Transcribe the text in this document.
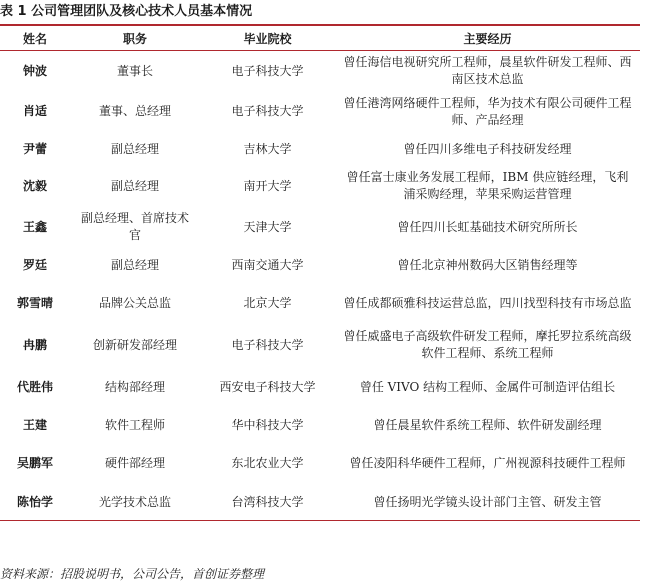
表 1 公司管理团队及核心技术人员基本情况
姓名	职务	毕业院校	主要经历
钟波	董事长	电子科技大学	曾任海信电视研究所工程师，晨星软件研发工程师、西南区技术总监
肖适	董事、总经理	电子科技大学	曾任港湾网络硬件工程师，华为技术有限公司硬件工程师、产品经理
尹蕾	副总经理	吉林大学	曾任四川多维电子科技研发经理
沈毅	副总经理	南开大学	曾任富士康业务发展工程师，IBM 供应链经理，飞利浦采购经理，苹果采购运营管理
王鑫	副总经理、首席技术官	天津大学	曾任四川长虹基础技术研究所所长
罗廷	副总经理	西南交通大学	曾任北京神州数码大区销售经理等
郭雪晴	品牌公关总监	北京大学	曾任成都硕雅科技运营总监，四川找型科技有市场总监
冉鹏	创新研发部经理	电子科技大学	曾任威盛电子高级软件研发工程师，摩托罗拉系统高级软件工程师、系统工程师
代胜伟	结构部经理	西安电子科技大学	曾任 VIVO 结构工程师、金属件可制造评估组长
王建	软件工程师	华中科技大学	曾任晨星软件系统工程师、软件研发副经理
吴鹏军	硬件部经理	东北农业大学	曾任凌阳科华硬件工程师，广州视源科技硬件工程师
陈怡学	光学技术总监	台湾科技大学	曾任扬明光学镜头设计部门主管、研发主管
资料来源：招股说明书，公司公告，首创证券整理
